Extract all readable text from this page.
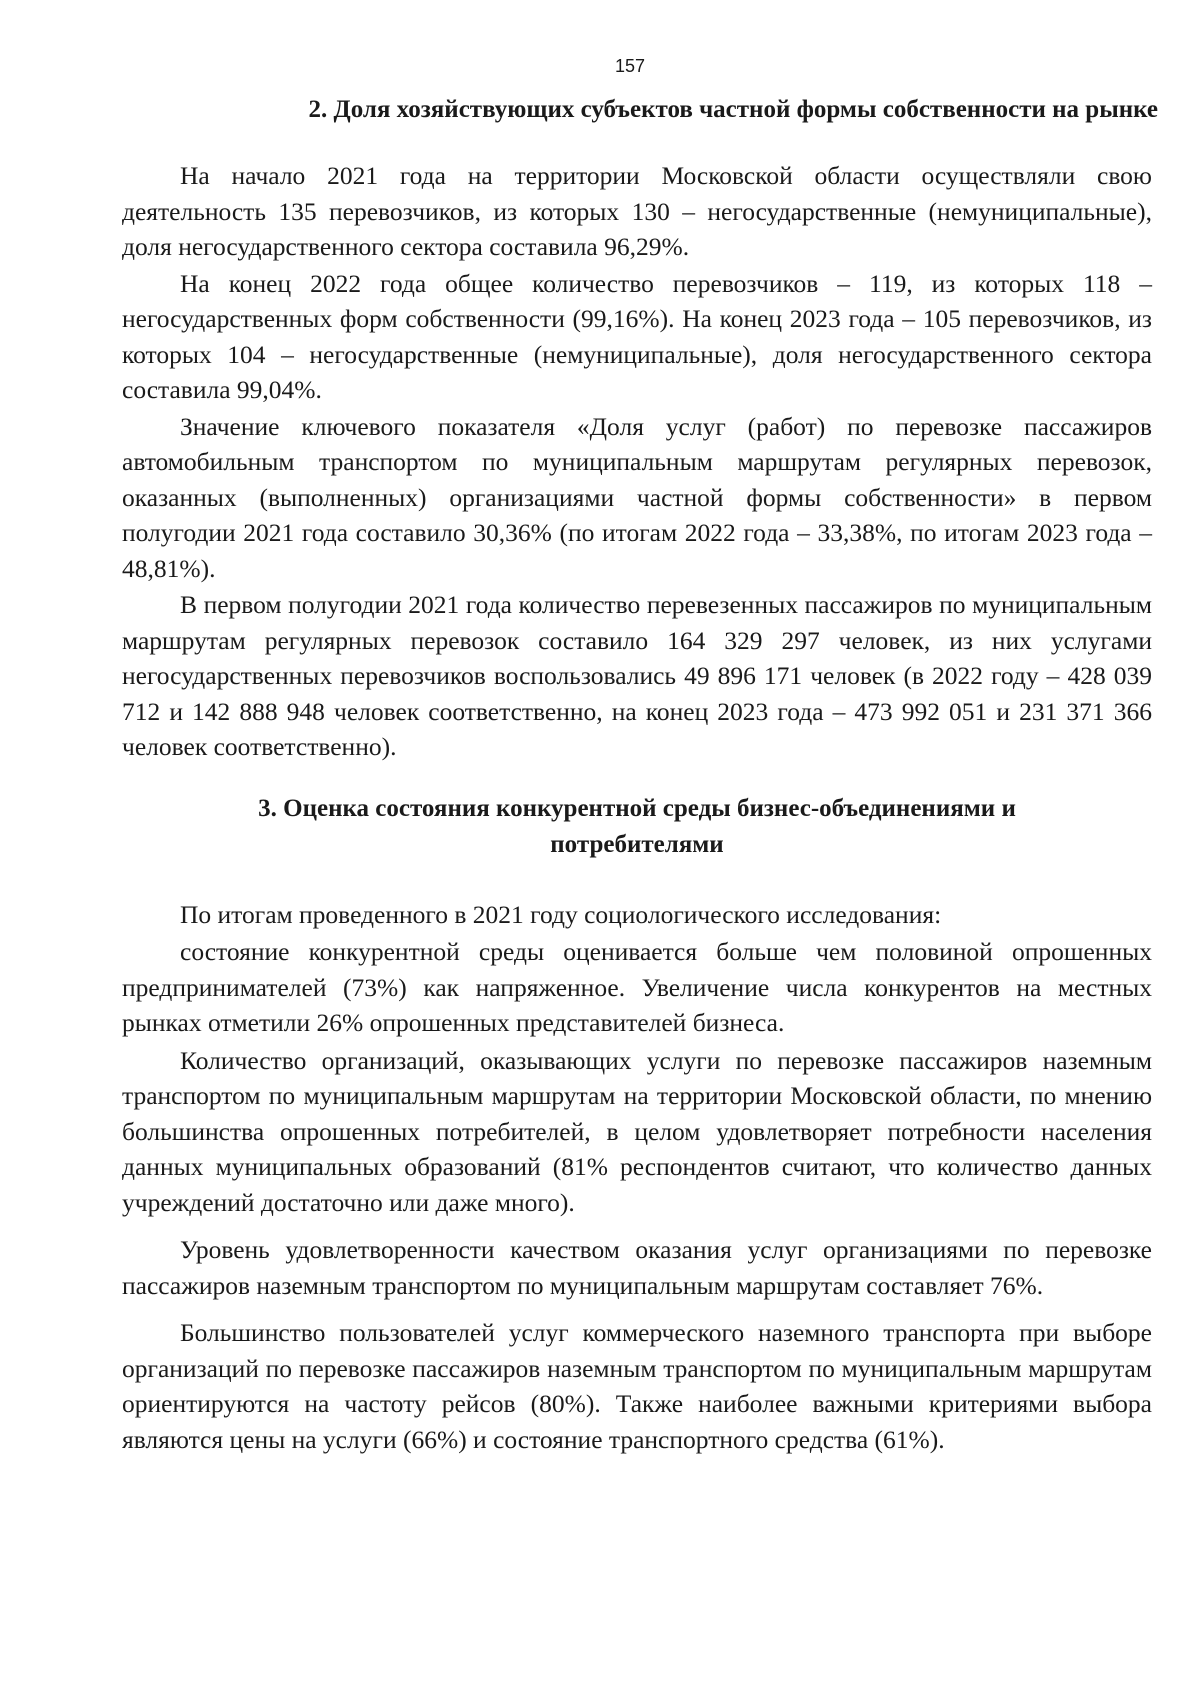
157
2. Доля хозяйствующих субъектов частной формы собственности на рынке

На начало 2021 года на территории Московской области осуществляли свою деятельность 135 перевозчиков, из которых 130 – негосударственные (немуниципальные), доля негосударственного сектора составила 96,29%.

На конец 2022 года общее количество перевозчиков – 119, из которых 118 – негосударственных форм собственности (99,16%). На конец 2023 года – 105 перевозчиков, из которых 104 – негосударственные (немуниципальные), доля негосударственного сектора составила 99,04%.

Значение ключевого показателя «Доля услуг (работ) по перевозке пассажиров автомобильным транспортом по муниципальным маршрутам регулярных перевозок, оказанных (выполненных) организациями частной формы собственности» в первом полугодии 2021 года составило 30,36% (по итогам 2022 года – 33,38%, по итогам 2023 года – 48,81%).

В первом полугодии 2021 года количество перевезенных пассажиров по муниципальным маршрутам регулярных перевозок составило 164 329 297 человек, из них услугами негосударственных перевозчиков воспользовались 49 896 171 человек (в 2022 году – 428 039 712 и 142 888 948 человек соответственно, на конец 2023 года – 473 992 051 и 231 371 366 человек соответственно).

3. Оценка состояния конкурентной среды бизнес-объединениями и
потребителями

По итогам проведенного в 2021 году социологического исследования:

состояние конкурентной среды оценивается больше чем половиной опрошенных предпринимателей (73%) как напряженное. Увеличение числа конкурентов на местных рынках отметили 26% опрошенных представителей бизнеса.

Количество организаций, оказывающих услуги по перевозке пассажиров наземным транспортом по муниципальным маршрутам на территории Московской области, по мнению большинства опрошенных потребителей, в целом удовлетворяет потребности населения данных муниципальных образований (81% респондентов считают, что количество данных учреждений достаточно или даже много).

Уровень удовлетворенности качеством оказания услуг организациями по перевозке пассажиров наземным транспортом по муниципальным маршрутам составляет 76%.

Большинство пользователей услуг коммерческого наземного транспорта при выборе организаций по перевозке пассажиров наземным транспортом по муниципальным маршрутам ориентируются на частоту рейсов (80%). Также наиболее важными критериями выбора являются цены на услуги (66%) и состояние транспортного средства (61%).
